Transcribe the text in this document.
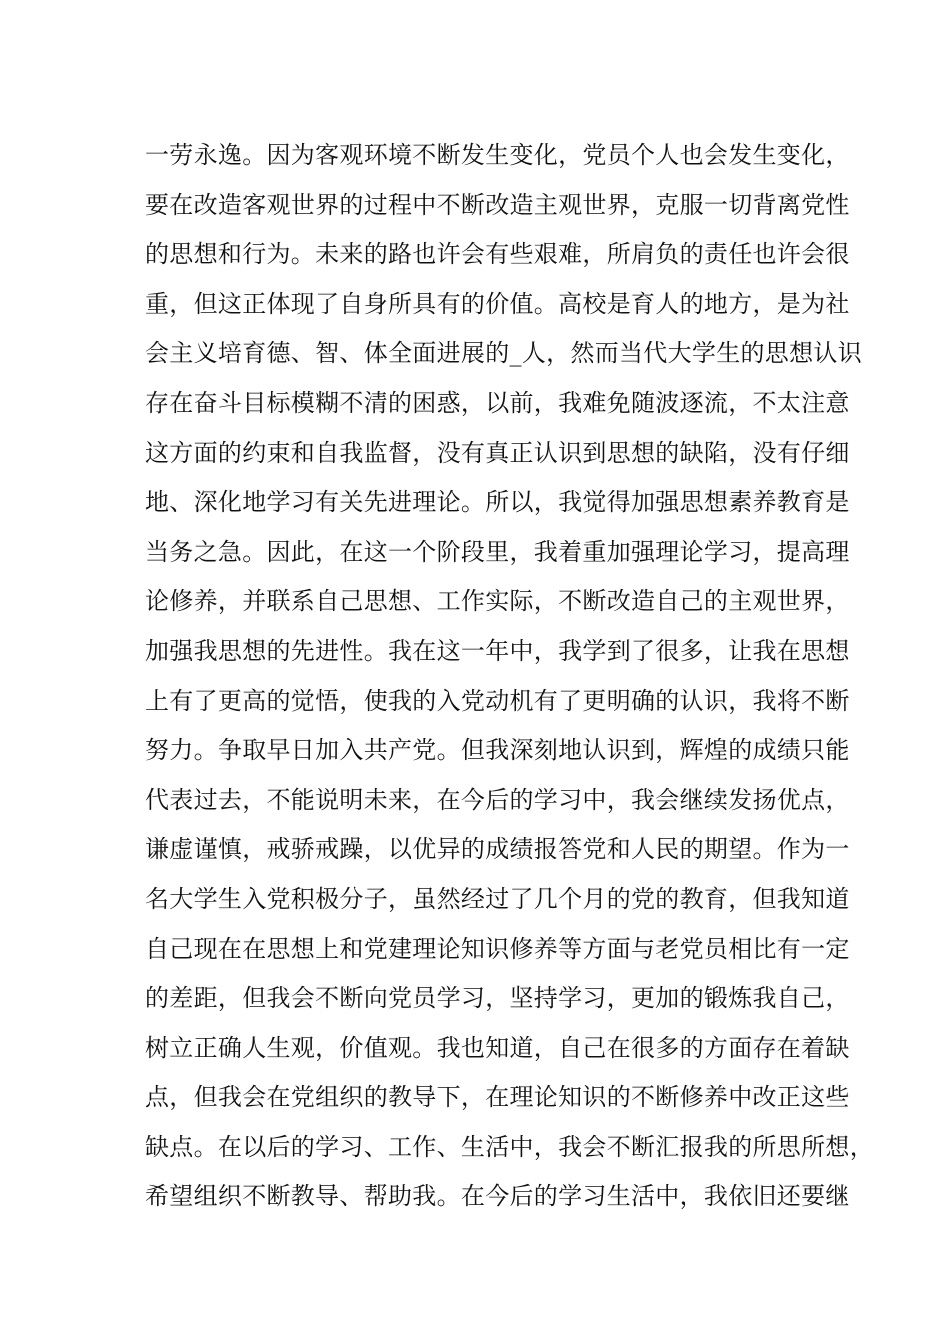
一劳永逸。因为客观环境不断发生变化，党员个人也会发生变化，
要在改造客观世界的过程中不断改造主观世界，克服一切背离党性
的思想和行为。未来的路也许会有些艰难，所肩负的责任也许会很
重，但这正体现了自身所具有的价值。高校是育人的地方，是为社
会主义培育德、智、体全面进展的_人，然而当代大学生的思想认识
存在奋斗目标模糊不清的困惑，以前，我难免随波逐流，不太注意
这方面的约束和自我监督，没有真正认识到思想的缺陷，没有仔细
地、深化地学习有关先进理论。所以，我觉得加强思想素养教育是
当务之急。因此，在这一个阶段里，我着重加强理论学习，提高理
论修养，并联系自己思想、工作实际，不断改造自己的主观世界，
加强我思想的先进性。我在这一年中，我学到了很多，让我在思想
上有了更高的觉悟，使我的入党动机有了更明确的认识，我将不断
努力。争取早日加入共产党。但我深刻地认识到，辉煌的成绩只能
代表过去，不能说明未来，在今后的学习中，我会继续发扬优点，
谦虚谨慎，戒骄戒躁，以优异的成绩报答党和人民的期望。作为一
名大学生入党积极分子，虽然经过了几个月的党的教育，但我知道
自己现在在思想上和党建理论知识修养等方面与老党员相比有一定
的差距，但我会不断向党员学习，坚持学习，更加的锻炼我自己，
树立正确人生观，价值观。我也知道，自己在很多的方面存在着缺
点，但我会在党组织的教导下，在理论知识的不断修养中改正这些
缺点。在以后的学习、工作、生活中，我会不断汇报我的所思所想，
希望组织不断教导、帮助我。在今后的学习生活中，我依旧还要继
